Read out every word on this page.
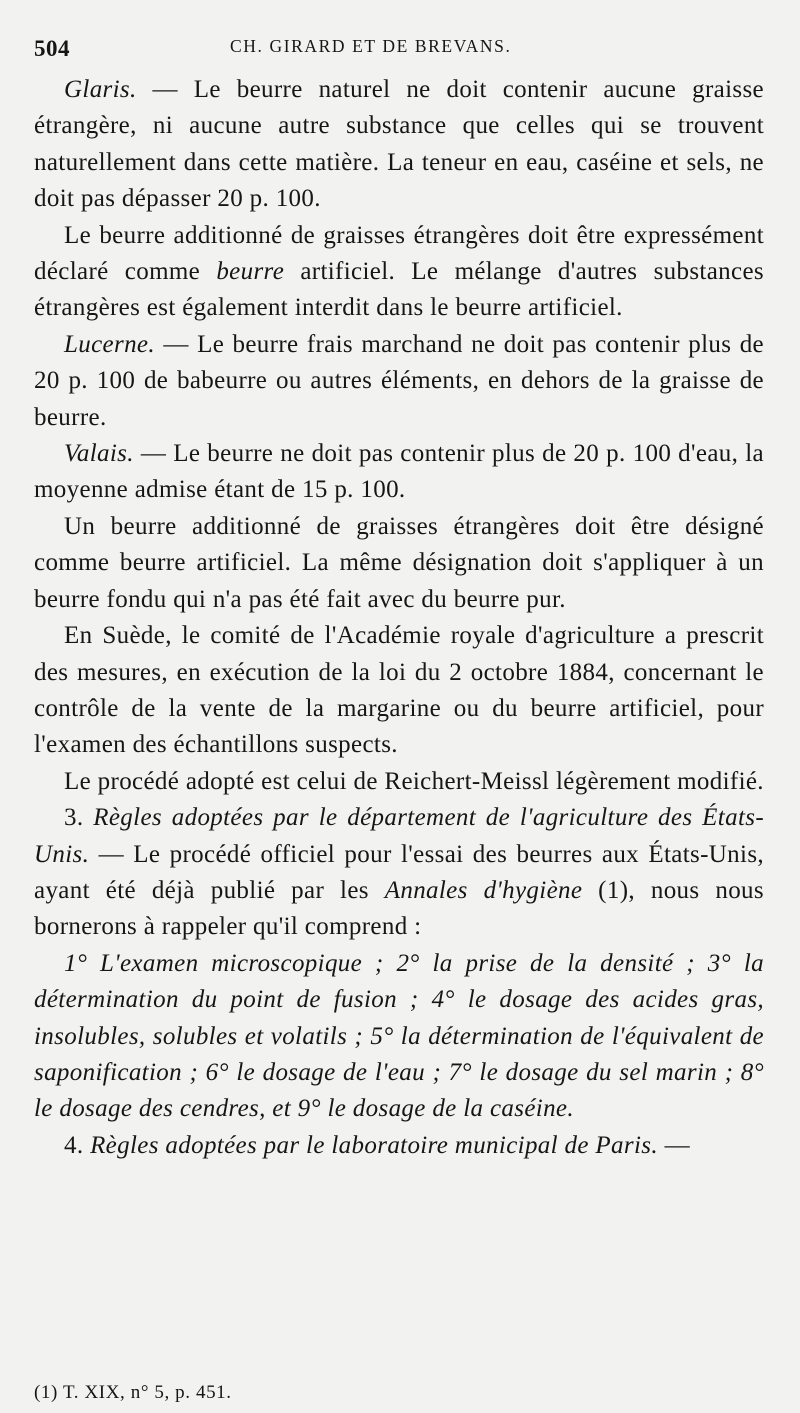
504	CH. GIRARD ET DE BREVANS.

Glaris. — Le beurre naturel ne doit contenir aucune graisse étrangère, ni aucune autre substance que celles qui se trouvent naturellement dans cette matière. La teneur en eau, caséine et sels, ne doit pas dépasser 20 p. 100.

Le beurre additionné de graisses étrangères doit être expressément déclaré comme beurre artificiel. Le mélange d'autres substances étrangères est également interdit dans le beurre artificiel.

Lucerne. — Le beurre frais marchand ne doit pas contenir plus de 20 p. 100 de babeurre ou autres éléments, en dehors de la graisse de beurre.

Valais. — Le beurre ne doit pas contenir plus de 20 p. 100 d'eau, la moyenne admise étant de 15 p. 100.

Un beurre additionné de graisses étrangères doit être désigné comme beurre artificiel. La même désignation doit s'appliquer à un beurre fondu qui n'a pas été fait avec du beurre pur.

En Suède, le comité de l'Académie royale d'agriculture a prescrit des mesures, en exécution de la loi du 2 octobre 1884, concernant le contrôle de la vente de la margarine ou du beurre artificiel, pour l'examen des échantillons suspects.

Le procédé adopté est celui de Reichert-Meissl légèrement modifié.

3. Règles adoptées par le département de l'agriculture des États-Unis. — Le procédé officiel pour l'essai des beurres aux États-Unis, ayant été déjà publié par les Annales d'hygiène (1), nous nous bornerons à rappeler qu'il comprend :

1° L'examen microscopique ; 2° la prise de la densité ; 3° la détermination du point de fusion ; 4° le dosage des acides gras, insolubles, solubles et volatils ; 5° la détermination de l'équivalent de saponification ; 6° le dosage de l'eau ; 7° le dosage du sel marin ; 8° le dosage des cendres, et 9° le dosage de la caséine.

4. Règles adoptées par le laboratoire municipal de Paris. —

(1) T. XIX, n° 5, p. 451.
